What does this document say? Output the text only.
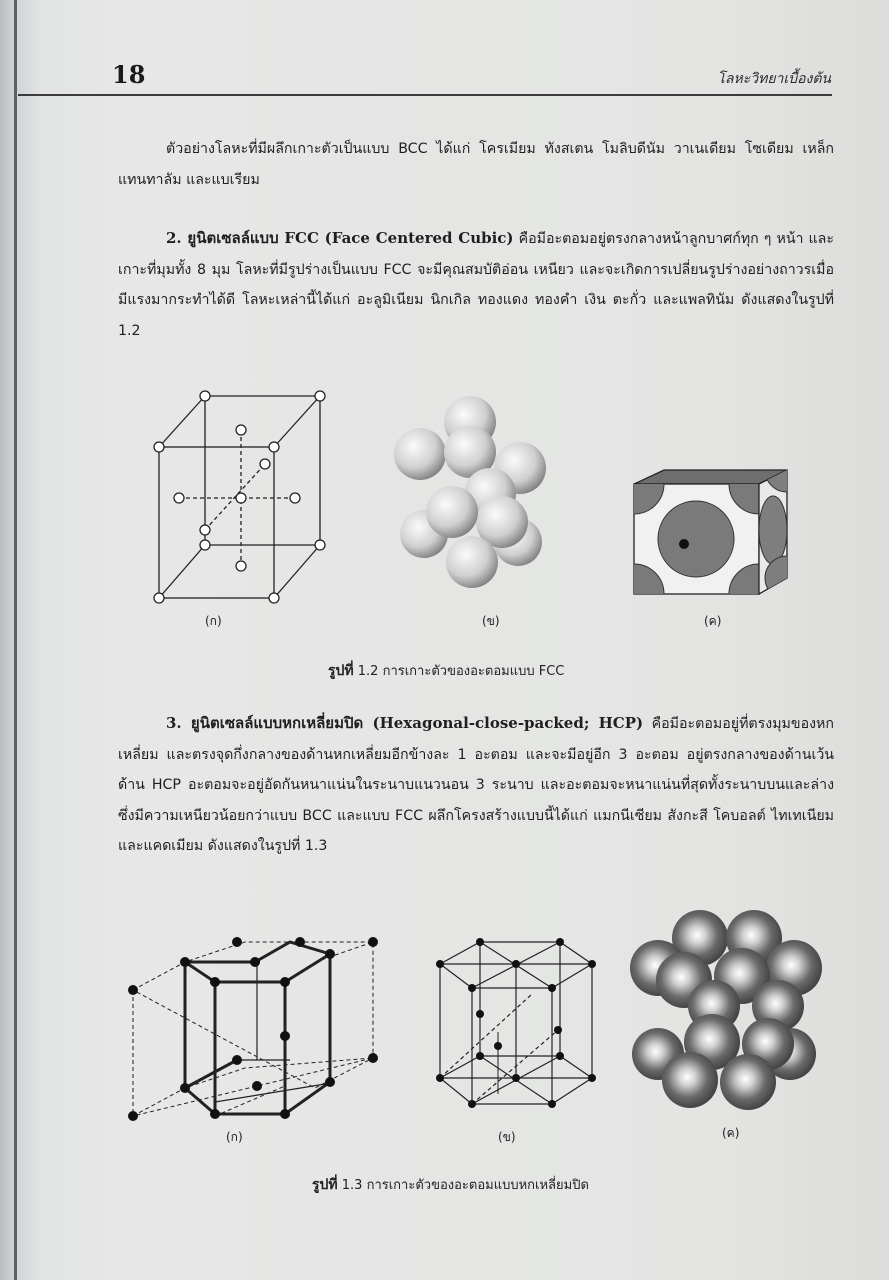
18	โลหะวิทยาเบื้องต้น

ตัวอย่างโลหะที่มีผลึกเกาะตัวเป็นแบบ BCC ได้แก่ โครเมียม ทังสเตน โมลิบดีนัม วาเนเดียม โซเดียม เหล็ก แทนทาลัม และแบเรียม

2. ยูนิตเซลล์แบบ FCC (Face Centered Cubic) คือมีอะตอมอยู่ตรงกลางหน้าลูกบาศก์ทุก ๆ หน้า และเกาะที่มุมทั้ง 8 มุม โลหะที่มีรูปร่างเป็นแบบ FCC จะมีคุณสมบัติอ่อน เหนียว และจะเกิดการเปลี่ยนรูปร่างอย่างถาวรเมื่อมีแรงมากระทำได้ดี โลหะเหล่านี้ได้แก่ อะลูมิเนียม นิกเกิล ทองแดง ทองคำ เงิน ตะกั่ว และแพลทินัม ดังแสดงในรูปที่ 1.2

(ก)	(ข)	(ค)
รูปที่ 1.2 การเกาะตัวของอะตอมแบบ FCC

3. ยูนิตเซลล์แบบหกเหลี่ยมปิด (Hexagonal-close-packed; HCP) คือมีอะตอมอยู่ที่ตรงมุมของหกเหลี่ยม และตรงจุดกึ่งกลางของด้านหกเหลี่ยมอีกข้างละ 1 อะตอม และจะมีอยู่อีก 3 อะตอม อยู่ตรงกลางของด้านเว้นด้าน HCP อะตอมจะอยู่อัดกันหนาแน่นในระนาบแนวนอน 3 ระนาบ และอะตอมจะหนาแน่นที่สุดทั้งระนาบบนและล่าง ซึ่งมีความเหนียวน้อยกว่าแบบ BCC และแบบ FCC ผลึกโครงสร้างแบบนี้ได้แก่ แมกนีเซียม สังกะสี โคบอลต์ ไทเทเนียม และแคดเมียม ดังแสดงในรูปที่ 1.3

(ก)	(ข)	(ค)
รูปที่ 1.3 การเกาะตัวของอะตอมแบบหกเหลี่ยมปิด
